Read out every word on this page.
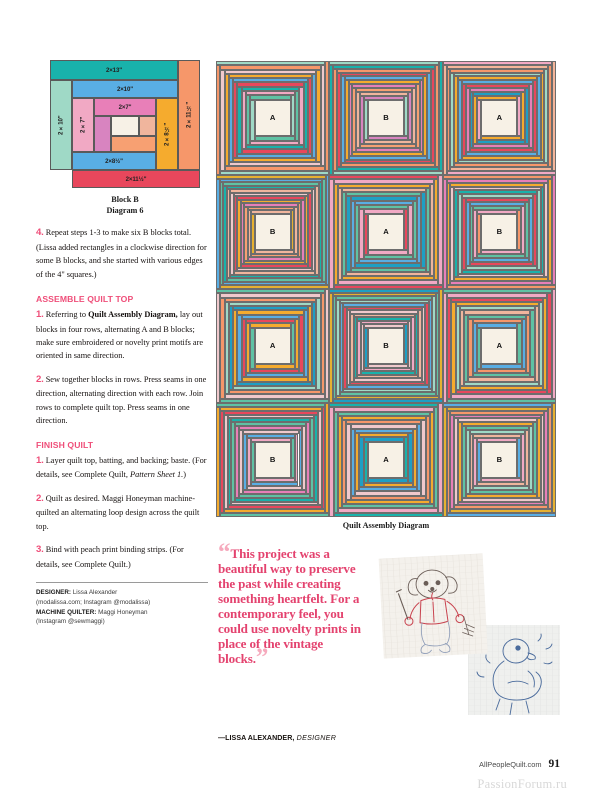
2×13"
2×11½"
2×11½"
2×10"
2×10"
2×8½"
2×8½"
2×7"
2×7"
Block B
Diagram 6

4. Repeat steps 1-3 to make six B blocks total. (Lissa added rectangles in a clockwise direction for some B blocks, and she started with various edges of the 4" squares.)

ASSEMBLE QUILT TOP

1. Referring to Quilt Assembly Diagram, lay out blocks in four rows, alternating A and B blocks; make sure embroidered or novelty print motifs are oriented in same direction.

2. Sew together blocks in rows. Press seams in one direction, alternating direction with each row. Join rows to complete quilt top. Press seams in one direction.

FINISH QUILT

1. Layer quilt top, batting, and backing; baste. (For details, see Complete Quilt, Pattern Sheet 1.)

2. Quilt as desired. Maggi Honeyman machine-quilted an alternating loop design across the quilt top.

3. Bind with peach print binding strips. (For details, see Complete Quilt.)

DESIGNER: Lissa Alexander
(modalissa.com; Instagram @modalissa)
MACHINE QUILTER: Maggi Honeyman
(Instagram @sewmaggi)
A	B	A
B	A	B
A	B	A
B	A	B
Quilt Assembly Diagram
“This project was a beautiful way to preserve the past while creating something heartfelt. For a contemporary feel, you could use novelty prints in place of the vintage blocks.”
—LISSA ALEXANDER, DESIGNER
AllPeopleQuilt.com 91
PassionForum.ru
